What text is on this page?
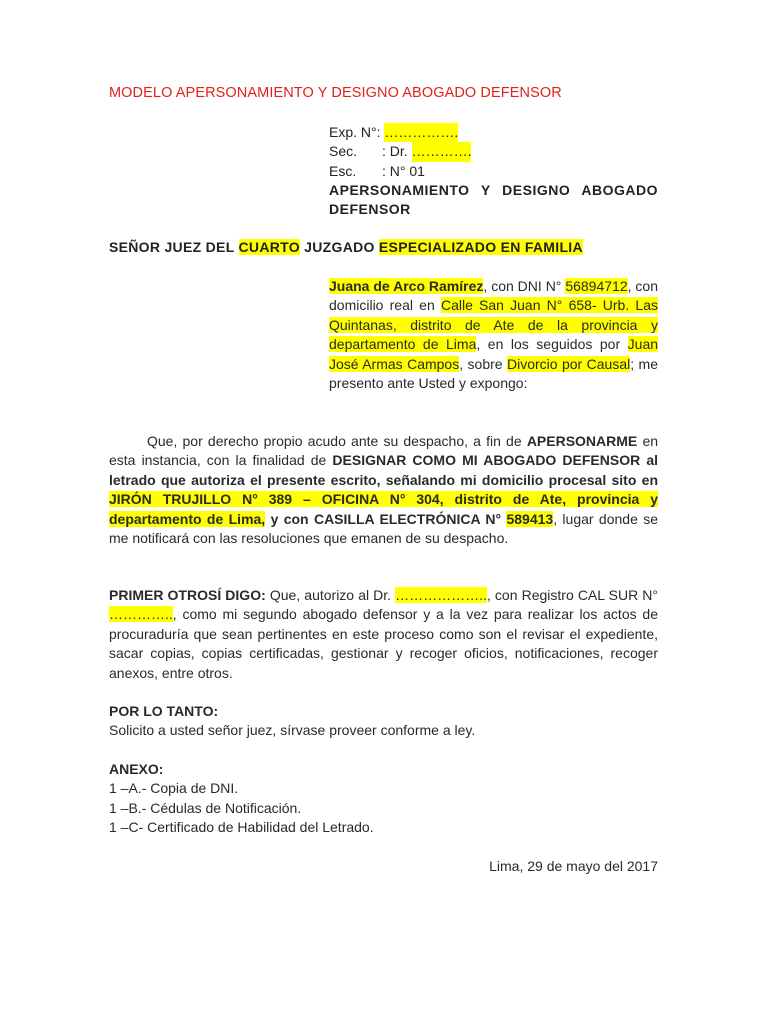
MODELO APERSONAMIENTO Y DESIGNO ABOGADO DEFENSOR
Exp. N°:
…………….
Sec.	: Dr.
………….
Esc.	: N° 01
APERSONAMIENTO Y DESIGNO ABOGADO DEFENSOR
SEÑOR JUEZ DEL CUARTO JUZGADO ESPECIALIZADO EN FAMILIA
Juana de Arco Ramírez, con DNI N° 56894712, con domicilio real en Calle San Juan N° 658- Urb. Las Quintanas, distrito de Ate de la provincia y departamento de Lima, en los seguidos por Juan José Armas Campos, sobre Divorcio por Causal; me presento ante Usted y expongo:
Que, por derecho propio acudo ante su despacho, a fin de APERSONARME en esta instancia, con la finalidad de DESIGNAR COMO MI ABOGADO DEFENSOR al letrado que autoriza el presente escrito, señalando mi domicilio procesal sito en JIRÓN TRUJILLO N° 389 – OFICINA N° 304, distrito de Ate, provincia y departamento de Lima, y con CASILLA ELECTRÓNICA N° 589413, lugar donde se me notificará con las resoluciones que emanen de su despacho.
PRIMER OTROSÍ DIGO: Que, autorizo al Dr. ……………….., con Registro CAL SUR N° ………….., como mi segundo abogado defensor y a la vez para realizar los actos de procuraduría que sean pertinentes en este proceso como son el revisar el expediente, sacar copias, copias certificadas, gestionar y recoger oficios, notificaciones, recoger anexos, entre otros.
POR LO TANTO:
Solicito a usted señor juez, sírvase proveer conforme a ley.
ANEXO:
1 –A.- Copia de DNI.
1 –B.- Cédulas de Notificación.
1 –C- Certificado de Habilidad del Letrado.
Lima, 29 de mayo del 2017
